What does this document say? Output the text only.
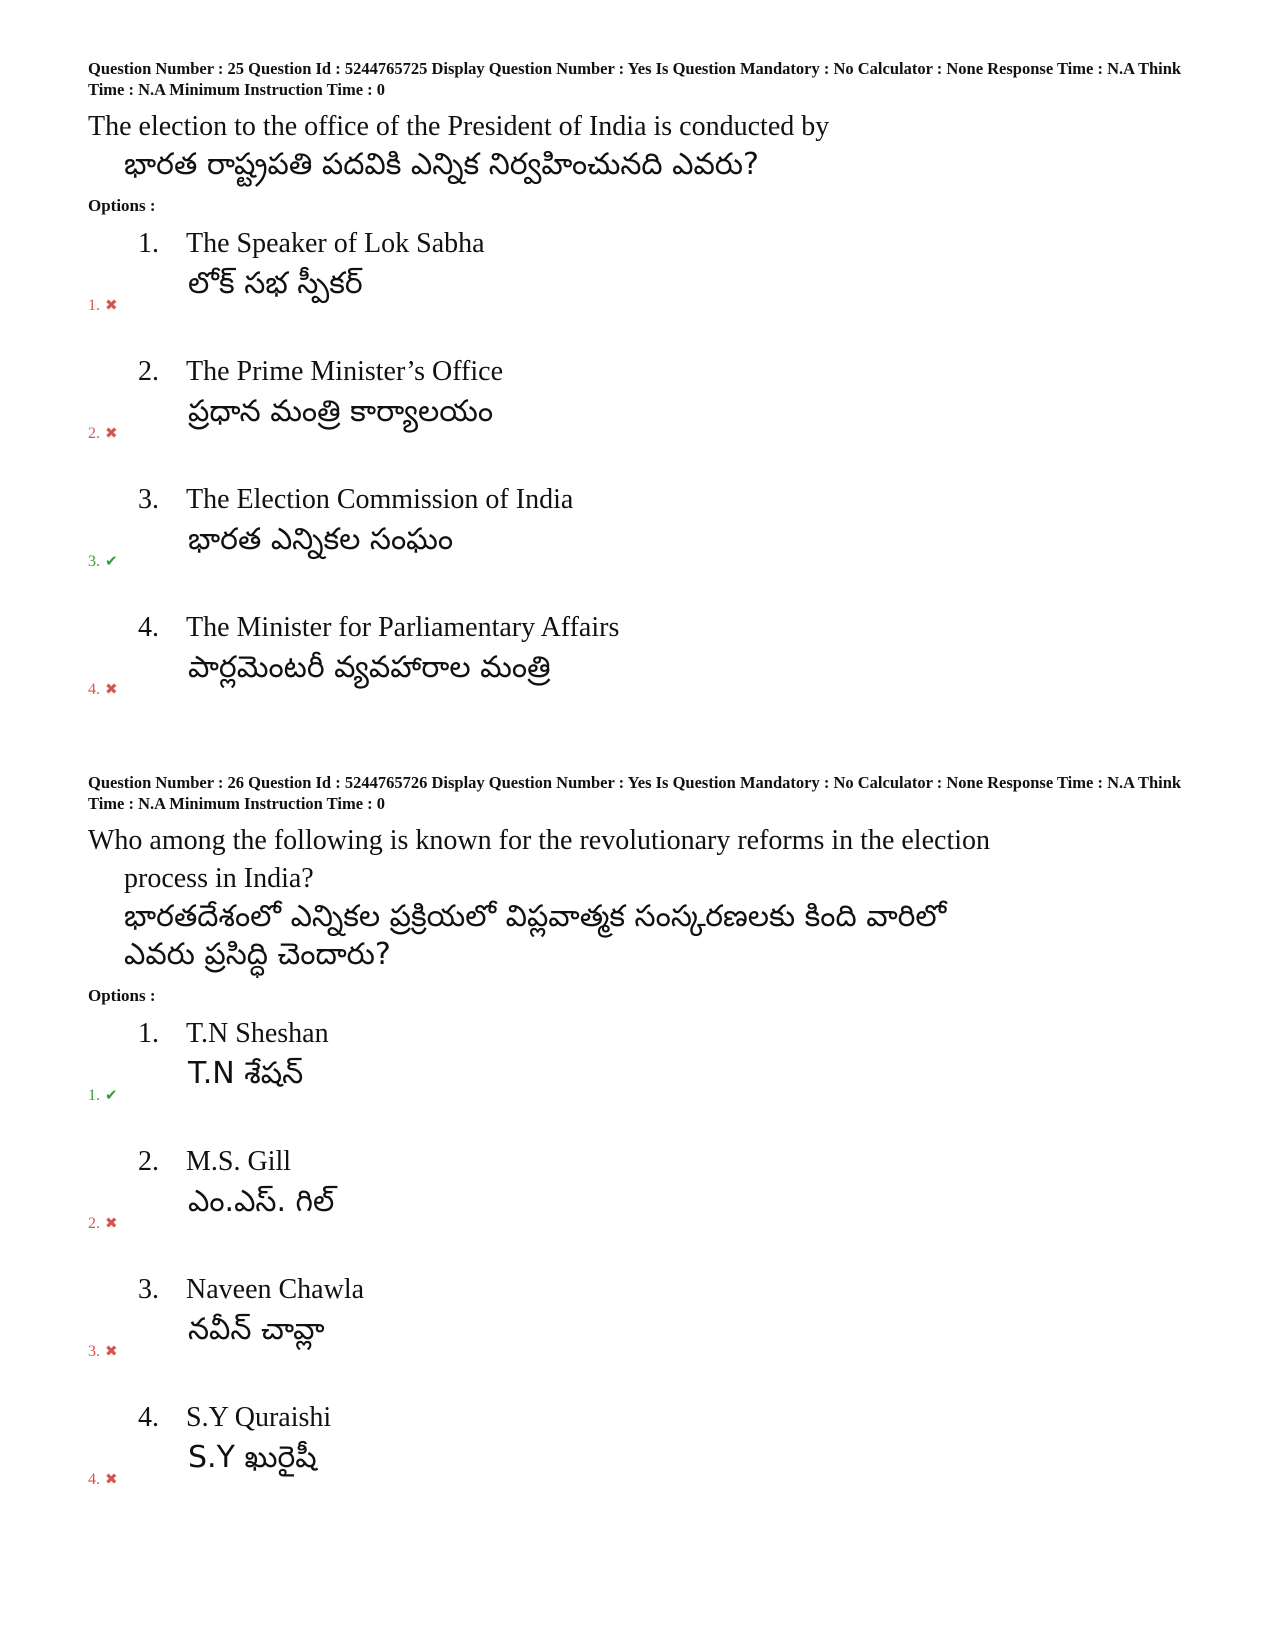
Question Number : 25 Question Id : 5244765725 Display Question Number : Yes Is Question Mandatory : No Calculator : None Response Time : N.A Think Time : N.A Minimum Instruction Time : 0
The election to the office of the President of India is conducted by
భారత రాష్ట్రపతి పదవికి ఎన్నిక నిర్వహించునది ఎవరు?
Options :
1. The Speaker of Lok Sabha
లోక్ సభ స్పీకర్
1. ✖
2. The Prime Minister’s Office
ప్రధాన మంత్రి కార్యాలయం
2. ✖
3. The Election Commission of India
భారత ఎన్నికల సంఘం
3. ✔
4. The Minister for Parliamentary Affairs
పార్లమెంటరీ వ్యవహారాల మంత్రి
4. ✖
Question Number : 26 Question Id : 5244765726 Display Question Number : Yes Is Question Mandatory : No Calculator : None Response Time : N.A Think Time : N.A Minimum Instruction Time : 0
Who among the following is known for the revolutionary reforms in the election
process in India?
భారతదేశంలో ఎన్నికల ప్రక్రియలో విప్లవాత్మక సంస్కరణలకు కింది వారిలో
ఎవరు ప్రసిద్ధి చెందారు?
Options :
1. T.N Sheshan
T.N శేషన్
1. ✔
2. M.S. Gill
ఎం.ఎస్. గిల్
2. ✖
3. Naveen Chawla
నవీన్ చావ్లా
3. ✖
4. S.Y Quraishi
S.Y ఖురైషీ
4. ✖
